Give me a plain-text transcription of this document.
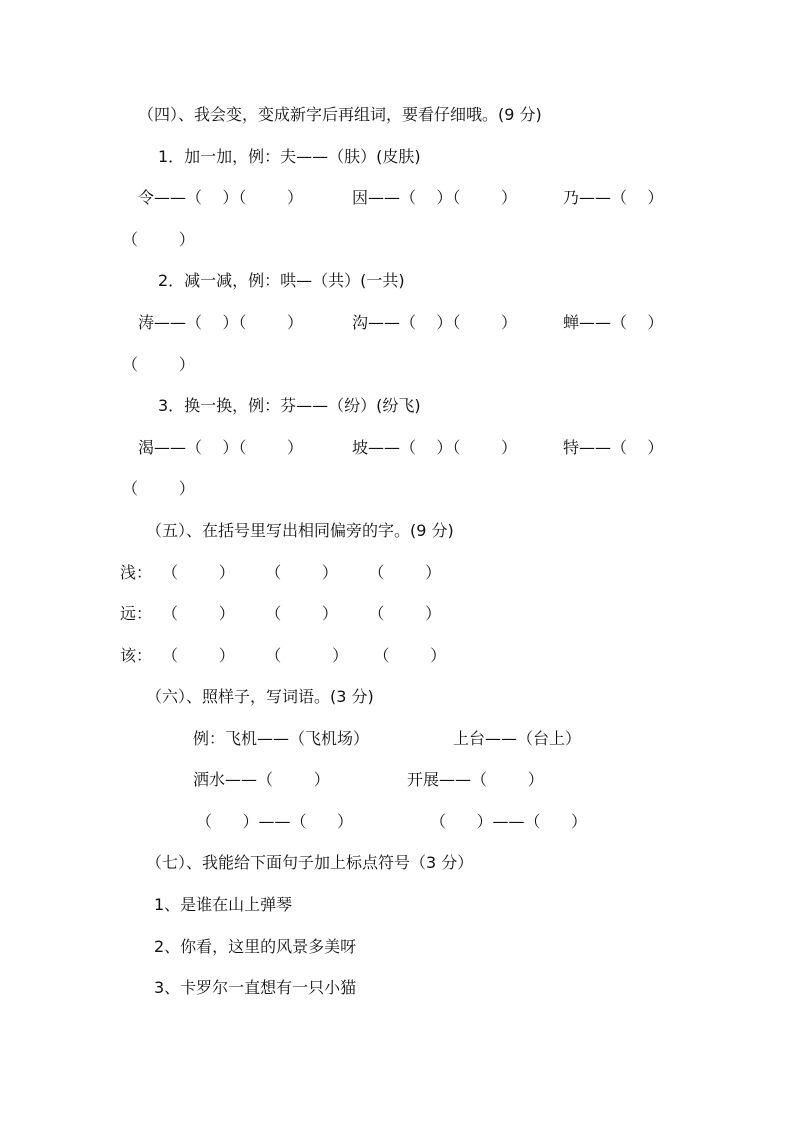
（四）、我会变，变成新字后再组词，要看仔细哦。(9 分)
1．加一加，例：夫——（肤）(皮肤)
令——（    ）（        ）	因——（    ）（        ）	乃——（    ）
（        ）
2．减一减，例：哄—（共）(一共)
涛——（    ）（        ）	沟——（    ）（        ）	蝉——（    ）
（        ）
3．换一换，例：芬——（纷）(纷飞)
渴——（    ）（        ）	坡——（    ）（        ）	特——（    ）
（        ）
（五）、在括号里写出相同偏旁的字。(9 分)
浅： （        ）      （        ）      （        ）
远： （        ）      （        ）      （        ）
该： （        ）      （          ）     （        ）
（六）、照样子，写词语。(3 分)
例：飞机——（飞机场）	上台——（台上）
洒水——（        ）	开展——（        ）
（      ）——（      ）	（      ）——（      ）
（七）、我能给下面句子加上标点符号（3 分）
1、是谁在山上弹琴
2、你看，这里的风景多美呀
3、卡罗尔一直想有一只小猫
